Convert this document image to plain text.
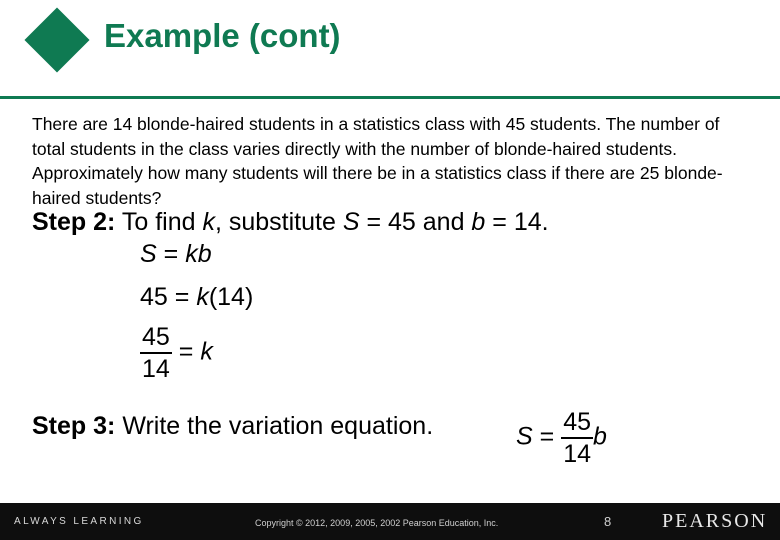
Example (cont)
There are 14 blonde-haired students in a statistics class with 45 students. The number of total students in the class varies directly with the number of blonde-haired students. Approximately how many students will there be in a statistics class if there are 25 blonde-haired students?
Step 2: To find k, substitute S = 45 and b = 14.
S = kb
45 = k(14)
$\frac{45}{14} = k$
Step 3: Write the variation equation.	$S = \frac{45}{14}$ b
ALWAYS LEARNING	Copyright © 2012, 2009, 2005, 2002 Pearson Education, Inc.	8	PEARSON
